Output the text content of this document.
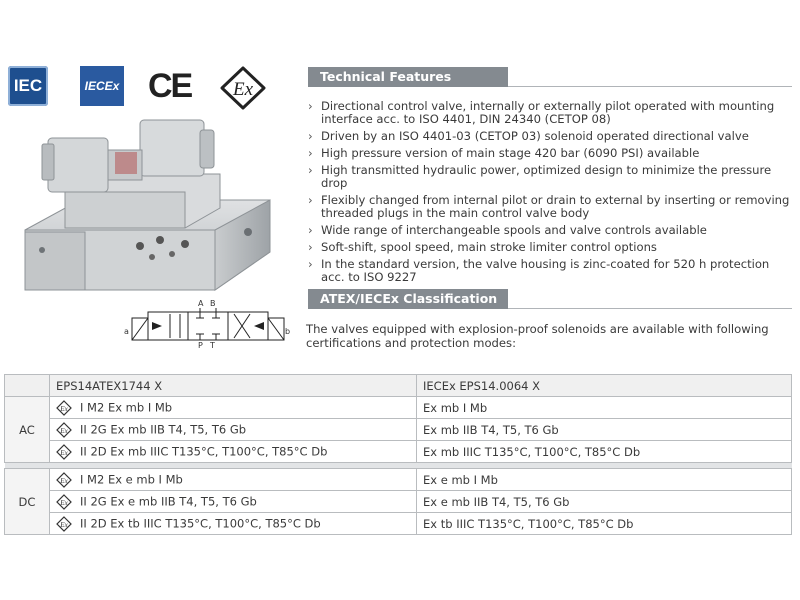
IEC	IECEx CE Ex
a	b
A B
P T
Technical Features
› Directional control valve, internally or externally pilot operated with mounting interface acc. to ISO 4401, DIN 24340 (CETOP 08)
› Driven by an ISO 4401-03 (CETOP 03) solenoid operated directional valve
› High pressure version of main stage 420 bar (6090 PSI) available
› High transmitted hydraulic power, optimized design to minimize the pressure drop
› Flexibly changed from internal pilot or drain to external by inserting or removing threaded plugs in the main control valve body
› Wide range of interchangeable spools and valve controls available
› Soft-shift, spool speed, main stroke limiter control options
› In the standard version, the valve housing is zinc-coated for 520 h protection acc. to ISO 9227
ATEX/IECEx Classification
The valves equipped with explosion-proof solenoids are available with following certifications and protection modes:
	EPS14ATEX1744 X	IECEx EPS14.0064 X
AC	Ex I M2 Ex mb I Mb	Ex mb I Mb

Ex II 2G Ex mb IIB T4, T5, T6 Gb	Ex mb IIB T4, T5, T6 Gb

Ex II 2D Ex mb IIIC T135°C, T100°C, T85°C Db	Ex mb IIIC T135°C, T100°C, T85°C Db

DC	Ex I M2 Ex e mb I Mb	Ex e mb I Mb

Ex II 2G Ex e mb IIB T4, T5, T6 Gb	Ex e mb IIB T4, T5, T6 Gb

Ex II 2D Ex tb IIIC T135°C, T100°C, T85°C Db	Ex tb IIIC T135°C, T100°C, T85°C Db
